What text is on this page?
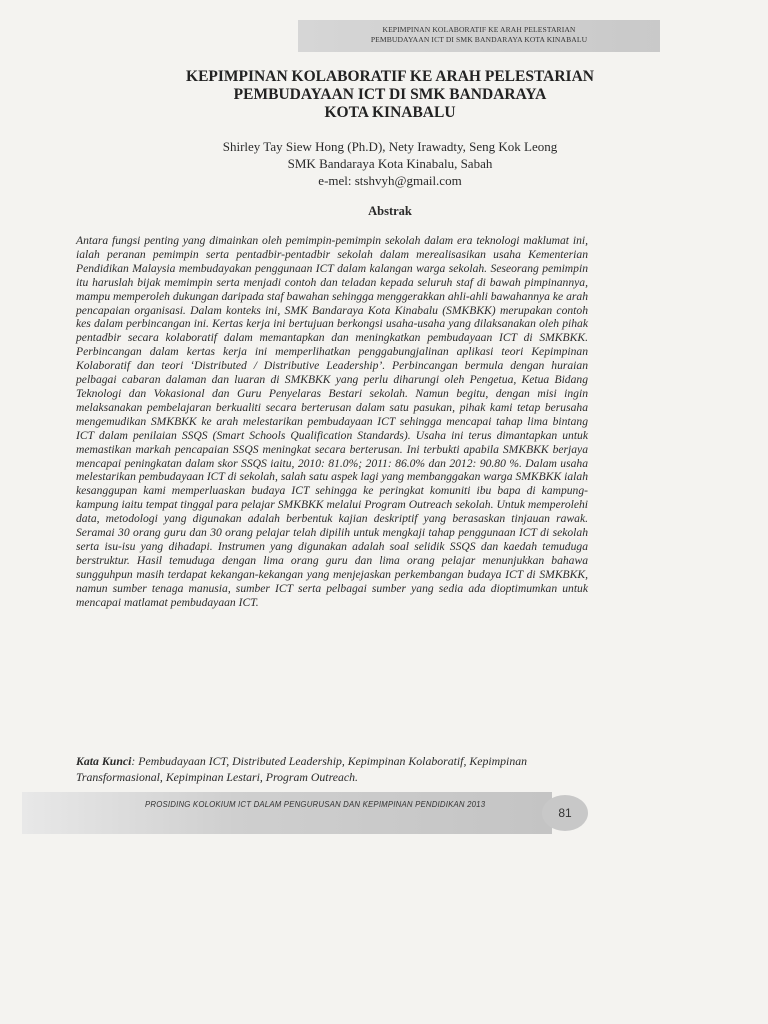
KEPIMPINAN KOLABORATIF KE ARAH PELESTARIAN
PEMBUDAYAAN ICT DI SMK BANDARAYA KOTA KINABALU
KEPIMPINAN KOLABORATIF KE ARAH PELESTARIAN
PEMBUDAYAAN ICT DI SMK BANDARAYA
KOTA KINABALU
Shirley Tay Siew Hong (Ph.D), Nety Irawadty, Seng Kok Leong
SMK Bandaraya Kota Kinabalu, Sabah
e-mel: stshvyh@gmail.com
Abstrak
Antara fungsi penting yang dimainkan oleh pemimpin-pemimpin sekolah dalam era teknologi maklumat ini, ialah peranan pemimpin serta pentadbir-pentadbir sekolah dalam merealisasikan usaha Kementerian Pendidikan Malaysia membudayakan penggunaan ICT dalam kalangan warga sekolah. Seseorang pemimpin itu haruslah bijak memimpin serta menjadi contoh dan teladan kepada seluruh staf di bawah pimpinannya, mampu memperoleh dukungan daripada staf bawahan sehingga menggerakkan ahli-ahli bawahannya ke arah pencapaian organisasi. Dalam konteks ini, SMK Bandaraya Kota Kinabalu (SMKBKK) merupakan contoh kes dalam perbincangan ini. Kertas kerja ini bertujuan berkongsi usaha-usaha yang dilaksanakan oleh pihak pentadbir secara kolaboratif dalam memantapkan dan meningkatkan pembudayaan ICT di SMKBKK. Perbincangan dalam kertas kerja ini memperlihatkan penggabungjalinan aplikasi teori Kepimpinan Kolaboratif dan teori ‘Distributed / Distributive Leadership’. Perbincangan bermula dengan huraian pelbagai cabaran dalaman dan luaran di SMKBKK yang perlu diharungi oleh Pengetua, Ketua Bidang Teknologi dan Vokasional dan Guru Penyelaras Bestari sekolah. Namun begitu, dengan misi ingin melaksanakan pembelajaran berkualiti secara berterusan dalam satu pasukan, pihak kami tetap berusaha mengemudikan SMKBKK ke arah melestarikan pembudayaan ICT sehingga mencapai tahap lima bintang ICT dalam penilaian SSQS (Smart Schools Qualification Standards). Usaha ini terus dimantapkan untuk memastikan markah pencapaian SSQS meningkat secara berterusan. Ini terbukti apabila SMKBKK berjaya mencapai peningkatan dalam skor SSQS iaitu, 2010: 81.0%; 2011: 86.0% dan 2012: 90.80 %. Dalam usaha melestarikan pembudayaan ICT di sekolah, salah satu aspek lagi yang membanggakan warga SMKBKK ialah kesanggupan kami memperluaskan budaya ICT sehingga ke peringkat komuniti ibu bapa di kampung-kampung iaitu tempat tinggal para pelajar SMKBKK melalui Program Outreach sekolah. Untuk memperolehi data, metodologi yang digunakan adalah berbentuk kajian deskriptif yang berasaskan tinjauan rawak. Seramai 30 orang guru dan 30 orang pelajar telah dipilih untuk mengkaji tahap penggunaan ICT di sekolah serta isu-isu yang dihadapi. Instrumen yang digunakan adalah soal selidik SSQS dan kaedah temuduga berstruktur. Hasil temuduga dengan lima orang guru dan lima orang pelajar menunjukkan bahawa sungguhpun masih terdapat kekangan-kekangan yang menjejaskan perkembangan budaya ICT di SMKBKK, namun sumber tenaga manusia, sumber ICT serta pelbagai sumber yang sedia ada dioptimumkan untuk mencapai matlamat pembudayaan ICT.
Kata Kunci: Pembudayaan ICT, Distributed Leadership, Kepimpinan Kolaboratif, Kepimpinan Transformasional, Kepimpinan Lestari, Program Outreach.
PROSIDING KOLOKIUM ICT DALAM PENGURUSAN DAN KEPIMPINAN PENDIDIKAN 2013
81
